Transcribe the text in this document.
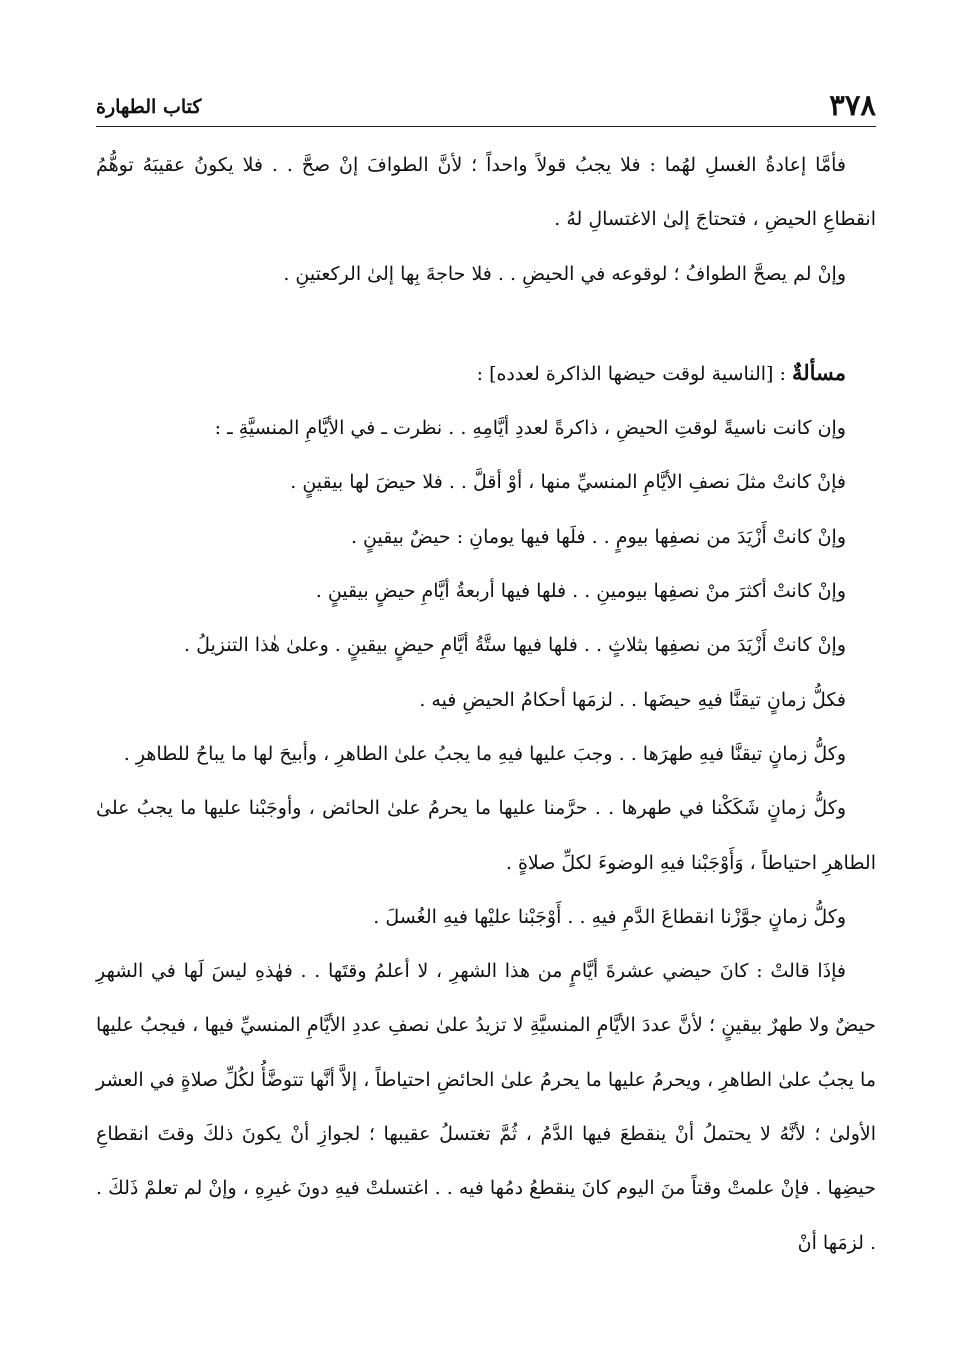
٣٧٨
كتاب الطهارة

فأمَّا إعادةُ الغسلِ لهُما : فلا يجبُ قولاً واحداً ؛ لأنَّ الطوافَ إنْ صحَّ . . فلا يكونُ عقيبَهُ توهُّمُ انقطاعِ الحيضِ ، فتحتاجَ إلىٰ الاغتسالِ لهُ .

وإنْ لم يصحَّ الطوافُ ؛ لوقوعه في الحيضِ . . فلا حاجةَ بِها إلىٰ الركعتينِ .

مسألةٌ : [الناسية لوقت حيضها الذاكرة لعدده] :

وإن كانت ناسيةً لوقتِ الحيضِ ، ذاكرةً لعددِ أيَّامِهِ . . نظرت ـ في الأيَّامِ المنسيَّةِ ـ :

فإنْ كانتْ مثلَ نصفِ الأيَّامِ المنسيِّ منها ، أوْ أقلَّ . . فلا حيضَ لها بيقينٍ .

وإنْ كانتْ أَزْيَدَ من نصفِها بيومٍ . . فلَها فيها يومانِ : حيضٌ بيقينٍ .

وإنْ كانتْ أكثرَ منْ نصفِها بيومينِ . . فلها فيها أربعةُ أيَّامِ حيضٍ بيقينٍ .

وإنْ كانتْ أَزْيَدَ من نصفِها بثلاثٍ . . فلها فيها ستَّةُ أيَّامِ حيضٍ بيقينٍ . وعلىٰ هٰذا التنزيلُ .

فكلُّ زمانٍ تيقنَّا فيهِ حيضَها . . لزمَها أحكامُ الحيضِ فيه .

وكلُّ زمانٍ تيقنَّا فيهِ طهرَها . . وجبَ عليها فيهِ ما يجبُ علىٰ الطاهرِ ، وأبيحَ لها ما يباحُ للطاهرِ .

وكلُّ زمانٍ شَكَكْنا في طهرها . . حرَّمنا عليها ما يحرمُ علىٰ الحائض ، وأوجَبْنا عليها ما يجبُ علىٰ الطاهرِ احتياطاً ، وَأَوْجَبْنا فيهِ الوضوءَ لكلِّ صلاةٍ .

وكلُّ زمانٍ جوَّزْنا انقطاعَ الدَّمِ فيهِ . . أَوْجَبْنا عليْها فيهِ الغُسلَ .

فإذَا قالتْ : كانَ حيضي عشرةَ أيَّامٍ من هذا الشهرِ ، لا أعلمُ وقتَها . . فهٰذهِ ليسَ لَها في الشهرِ حيضٌ ولا طهرٌ بيقينٍ ؛ لأنَّ عددَ الأيَّامِ المنسيَّةِ لا تزيدُ علىٰ نصفِ عددِ الأيَّامِ المنسيِّ فيها ، فيجبُ عليها ما يجبُ علىٰ الطاهرِ ، ويحرمُ عليها ما يحرمُ علىٰ الحائضِ احتياطاً ، إلاَّ أنَّها تتوضَّأُ لكُلِّ صلاةٍ في العشر الأولىٰ ؛ لأنَّهُ لا يحتملُ أنْ ينقطعَ فيها الدَّمُ ، ثُمَّ تغتسلُ عقيبها ؛ لجوازِ أنْ يكونَ ذلكَ وقتَ انقطاعِ حيضِها . فإنْ علمتْ وقتاً منَ اليوم كانَ ينقطعُ دمُها فيه . . اغتسلتْ فيهِ دونَ غيرِهِ ، وإنْ لم تعلمْ ذَلكَ . . لزمَها أنْ
